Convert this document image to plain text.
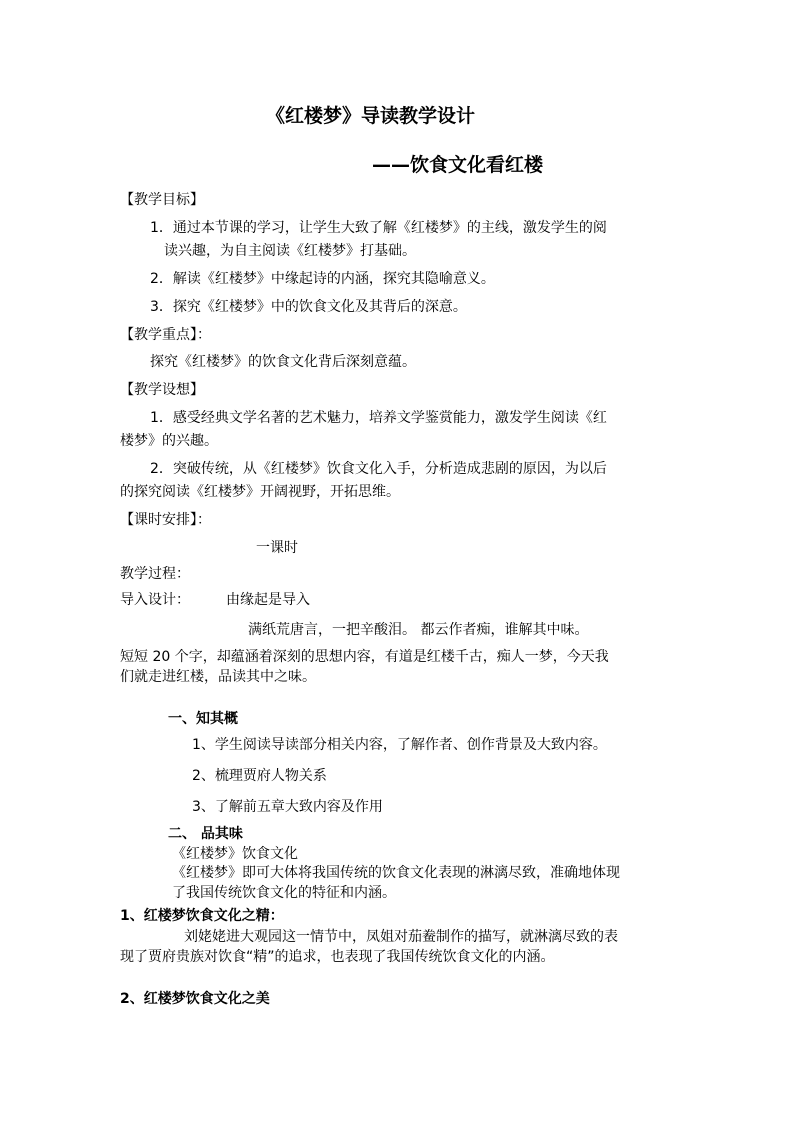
《红楼梦》导读教学设计
——饮食文化看红楼
【教学目标】
1．通过本节课的学习，让学生大致了解《红楼梦》的主线，激发学生的阅
读兴趣，为自主阅读《红楼梦》打基础。
2．解读《红楼梦》中缘起诗的内涵，探究其隐喻意义。
3．探究《红楼梦》中的饮食文化及其背后的深意。
【教学重点】：
探究《红楼梦》的饮食文化背后深刻意蕴。
【教学设想】
1．感受经典文学名著的艺术魅力，培养文学鉴赏能力，激发学生阅读《红
楼梦》的兴趣。
2．突破传统，从《红楼梦》饮食文化入手，分析造成悲剧的原因，为以后
的探究阅读《红楼梦》开阔视野，开拓思维。
【课时安排】：
一课时
教学过程：
导入设计：	由缘起是导入
满纸荒唐言，一把辛酸泪。 都云作者痴，谁解其中味。
短短 20 个字，却蕴涵着深刻的思想内容，有道是红楼千古，痴人一梦，今天我
们就走进红楼，品读其中之味。
一、知其概
1、学生阅读导读部分相关内容，了解作者、创作背景及大致内容。
2、梳理贾府人物关系
3、了解前五章大致内容及作用
二、 品其味
《红楼梦》饮食文化
《红楼梦》即可大体将我国传统的饮食文化表现的淋漓尽致，准确地体现
了我国传统饮食文化的特征和内涵。
1、红楼梦饮食文化之精：
刘姥姥进大观园这一情节中，凤姐对茄鲞制作的描写，就淋漓尽致的表
现了贾府贵族对饮食“精”的追求，也表现了我国传统饮食文化的内涵。
2、红楼梦饮食文化之美
